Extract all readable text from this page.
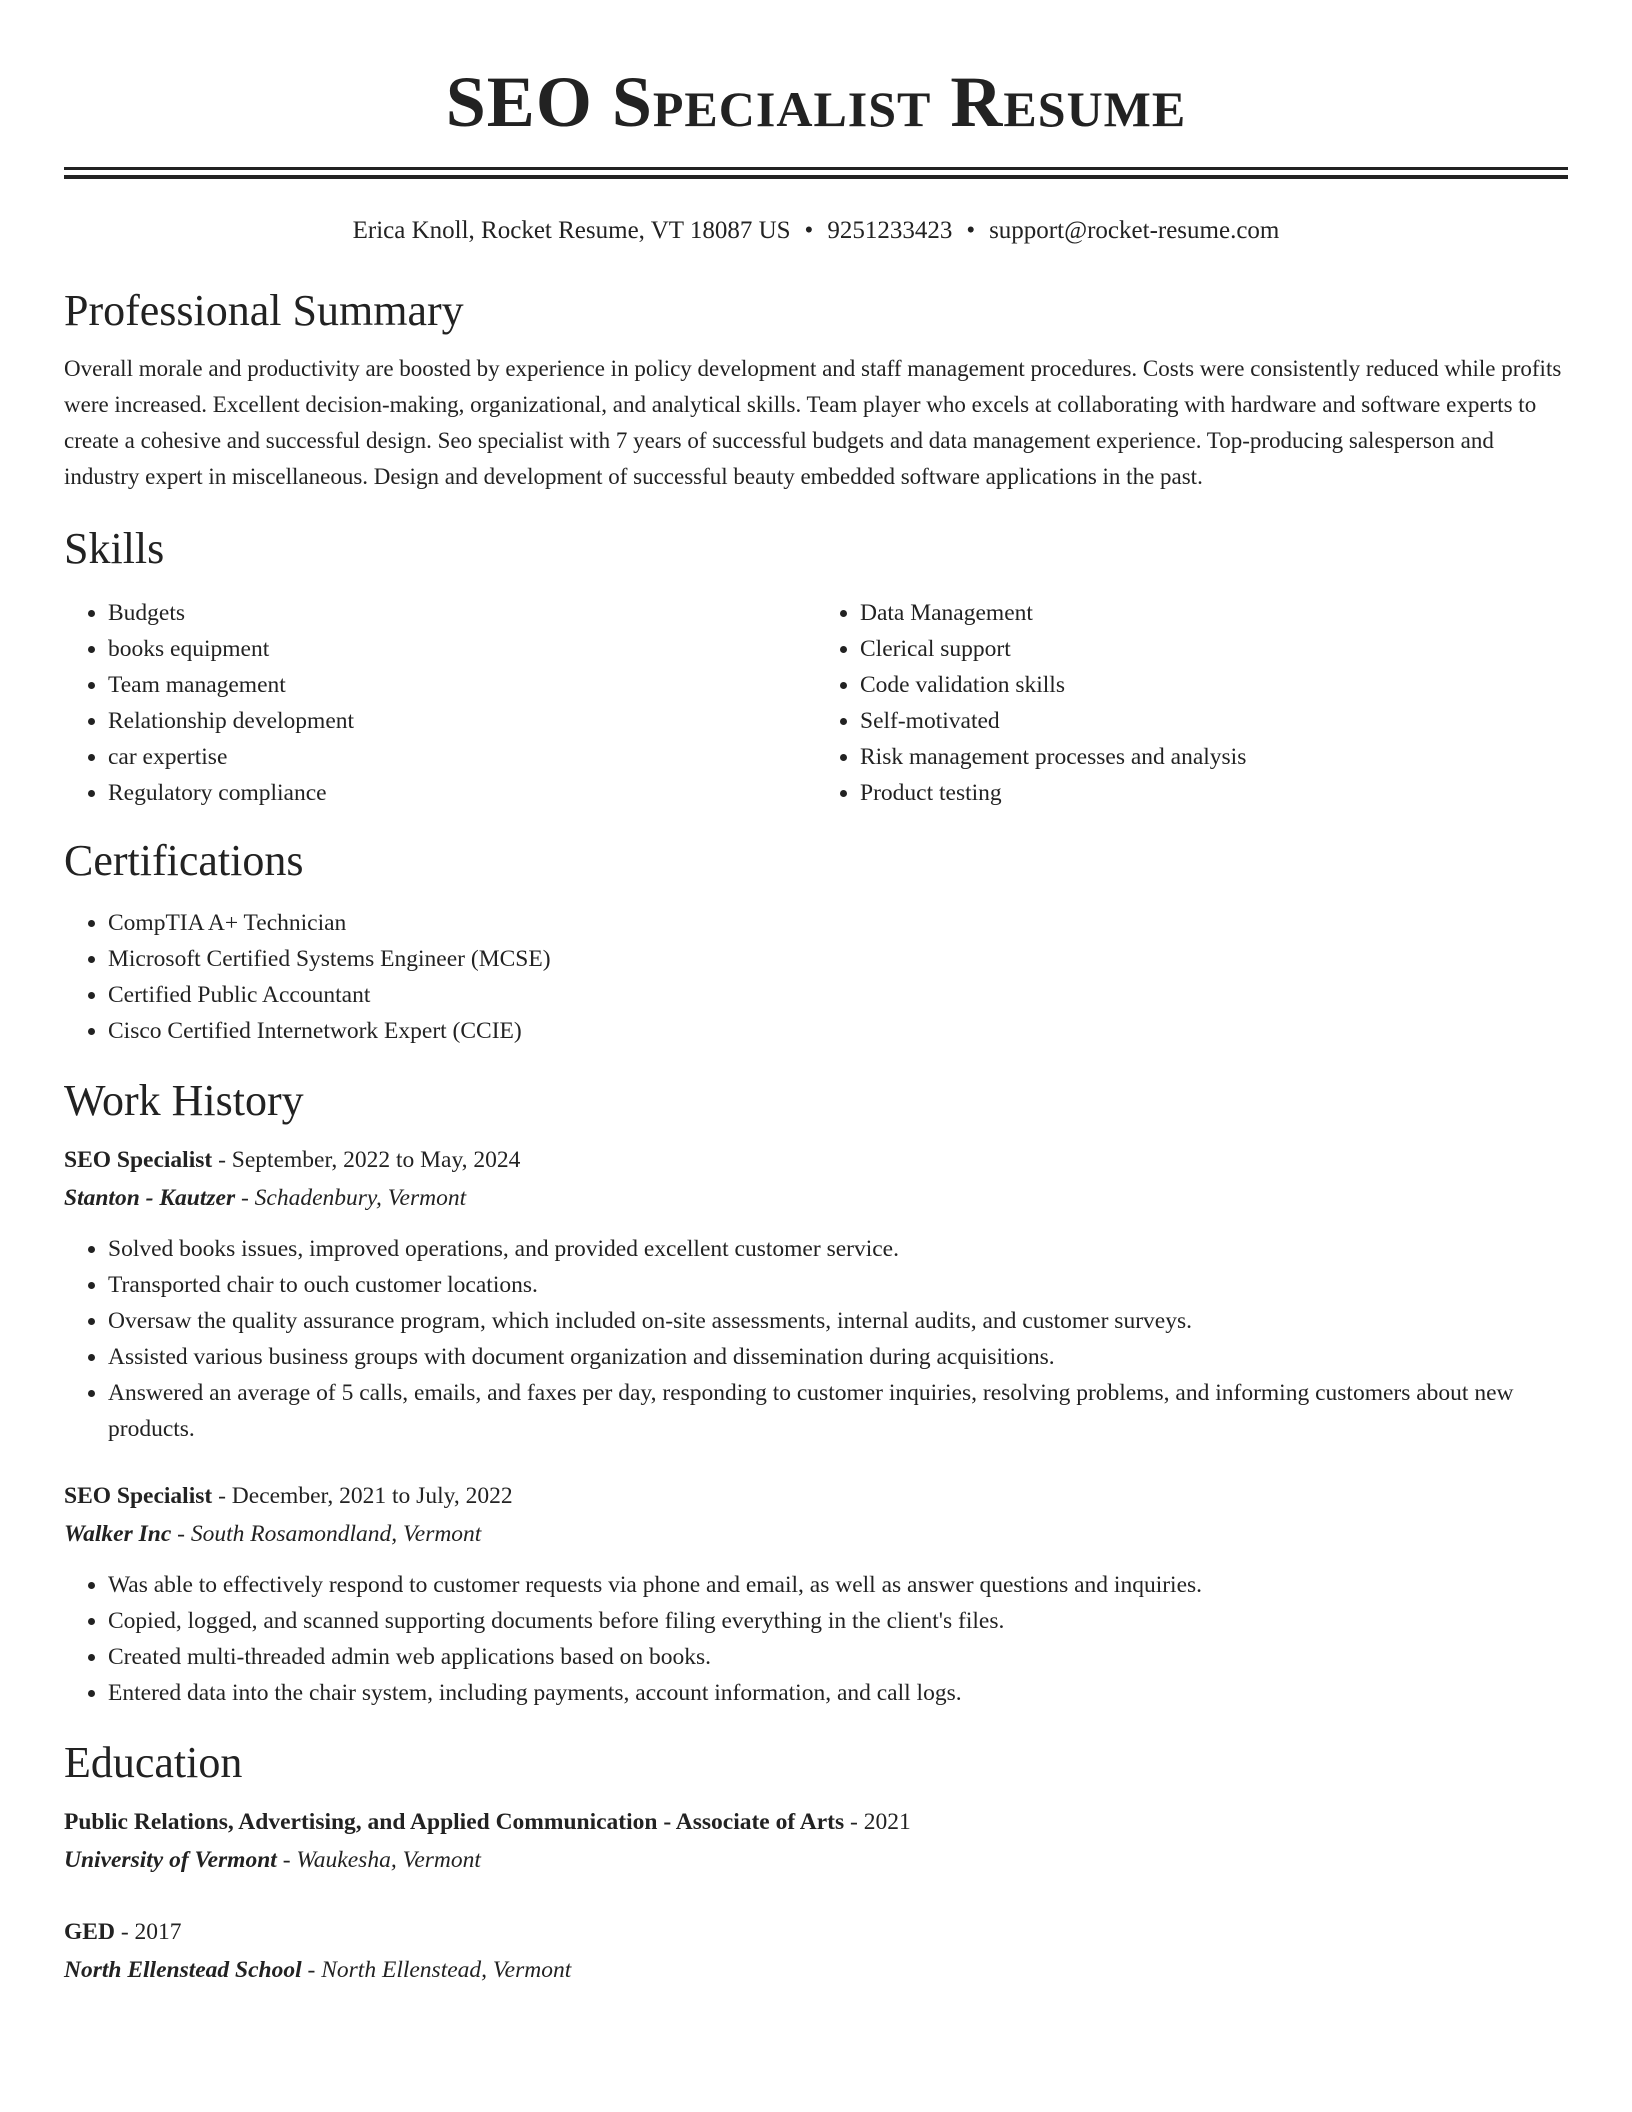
SEO Specialist Resume
Erica Knoll, Rocket Resume, VT 18087 US • 9251233423 • support@rocket-resume.com
Professional Summary

Overall morale and productivity are boosted by experience in policy development and staff management procedures. Costs were consistently reduced while profits were increased. Excellent decision-making, organizational, and analytical skills. Team player who excels at collaborating with hardware and software experts to create a cohesive and successful design. Seo specialist with 7 years of successful budgets and data management experience. Top-producing salesperson and industry expert in miscellaneous. Design and development of successful beauty embedded software applications in the past.

Skills
• Budgets
• books equipment
• Team management
• Relationship development
• car expertise
• Regulatory compliance
• Data Management
• Clerical support
• Code validation skills
• Self-motivated
• Risk management processes and analysis
• Product testing
Certifications
• CompTIA A+ Technician
• Microsoft Certified Systems Engineer (MCSE)
• Certified Public Accountant
• Cisco Certified Internetwork Expert (CCIE)
Work History
SEO Specialist - September, 2022 to May, 2024
Stanton - Kautzer - Schadenbury, Vermont
• Solved books issues, improved operations, and provided excellent customer service.
• Transported chair to ouch customer locations.
• Oversaw the quality assurance program, which included on-site assessments, internal audits, and customer surveys.
• Assisted various business groups with document organization and dissemination during acquisitions.
• Answered an average of 5 calls, emails, and faxes per day, responding to customer inquiries, resolving problems, and informing customers about new products.
SEO Specialist - December, 2021 to July, 2022
Walker Inc - South Rosamondland, Vermont
• Was able to effectively respond to customer requests via phone and email, as well as answer questions and inquiries.
• Copied, logged, and scanned supporting documents before filing everything in the client's files.
• Created multi-threaded admin web applications based on books.
• Entered data into the chair system, including payments, account information, and call logs.
Education
Public Relations, Advertising, and Applied Communication - Associate of Arts - 2021
University of Vermont - Waukesha, Vermont
GED - 2017
North Ellenstead School - North Ellenstead, Vermont
